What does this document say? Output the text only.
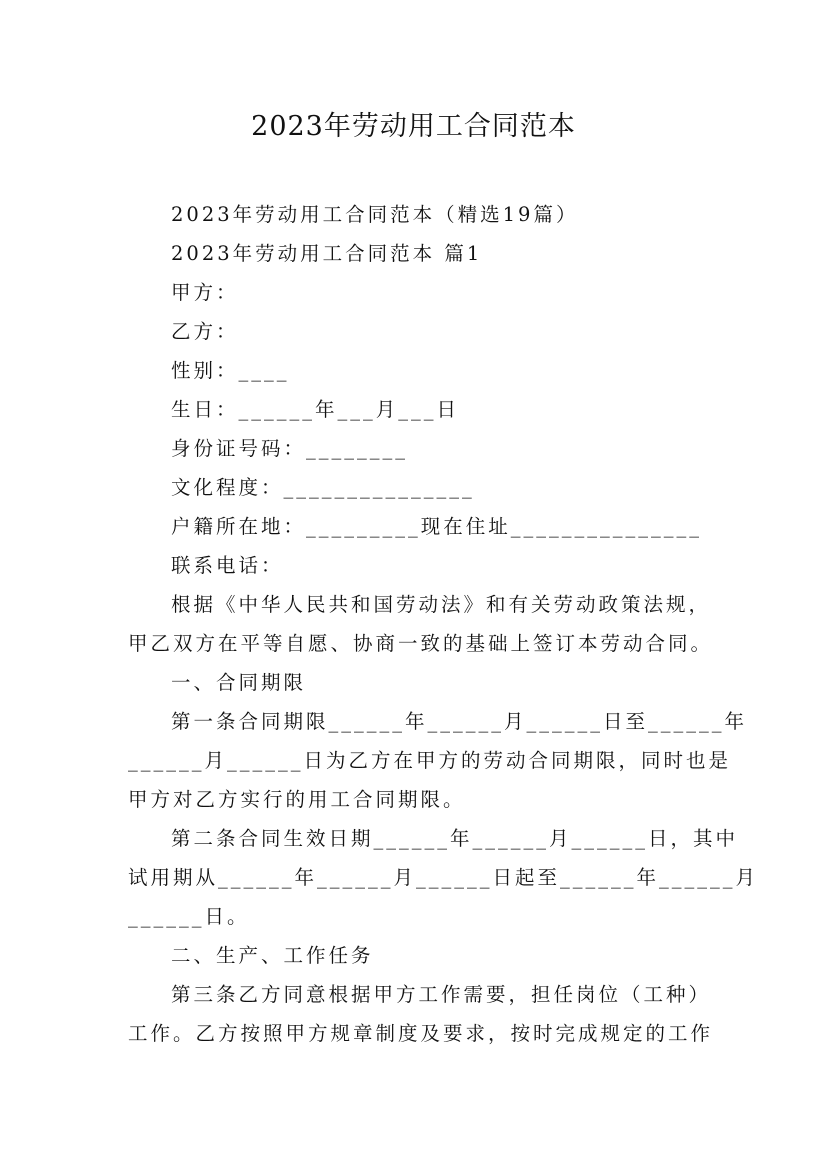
2023年劳动用工合同范本
2023年劳动用工合同范本（精选19篇）
2023年劳动用工合同范本 篇1
甲方：
乙方：
性别：____
生日：______年___月___日
身份证号码：________
文化程度：_______________
户籍所在地：_________现在住址_______________
联系电话：
根据《中华人民共和国劳动法》和有关劳动政策法规，
甲乙双方在平等自愿、协商一致的基础上签订本劳动合同。
一、合同期限
第一条合同期限______年______月______日至______年
______月______日为乙方在甲方的劳动合同期限，同时也是
甲方对乙方实行的用工合同期限。
第二条合同生效日期______年______月______日，其中
试用期从______年______月______日起至______年______月
______日。
二、生产、工作任务
第三条乙方同意根据甲方工作需要，担任岗位（工种）
工作。乙方按照甲方规章制度及要求，按时完成规定的工作
